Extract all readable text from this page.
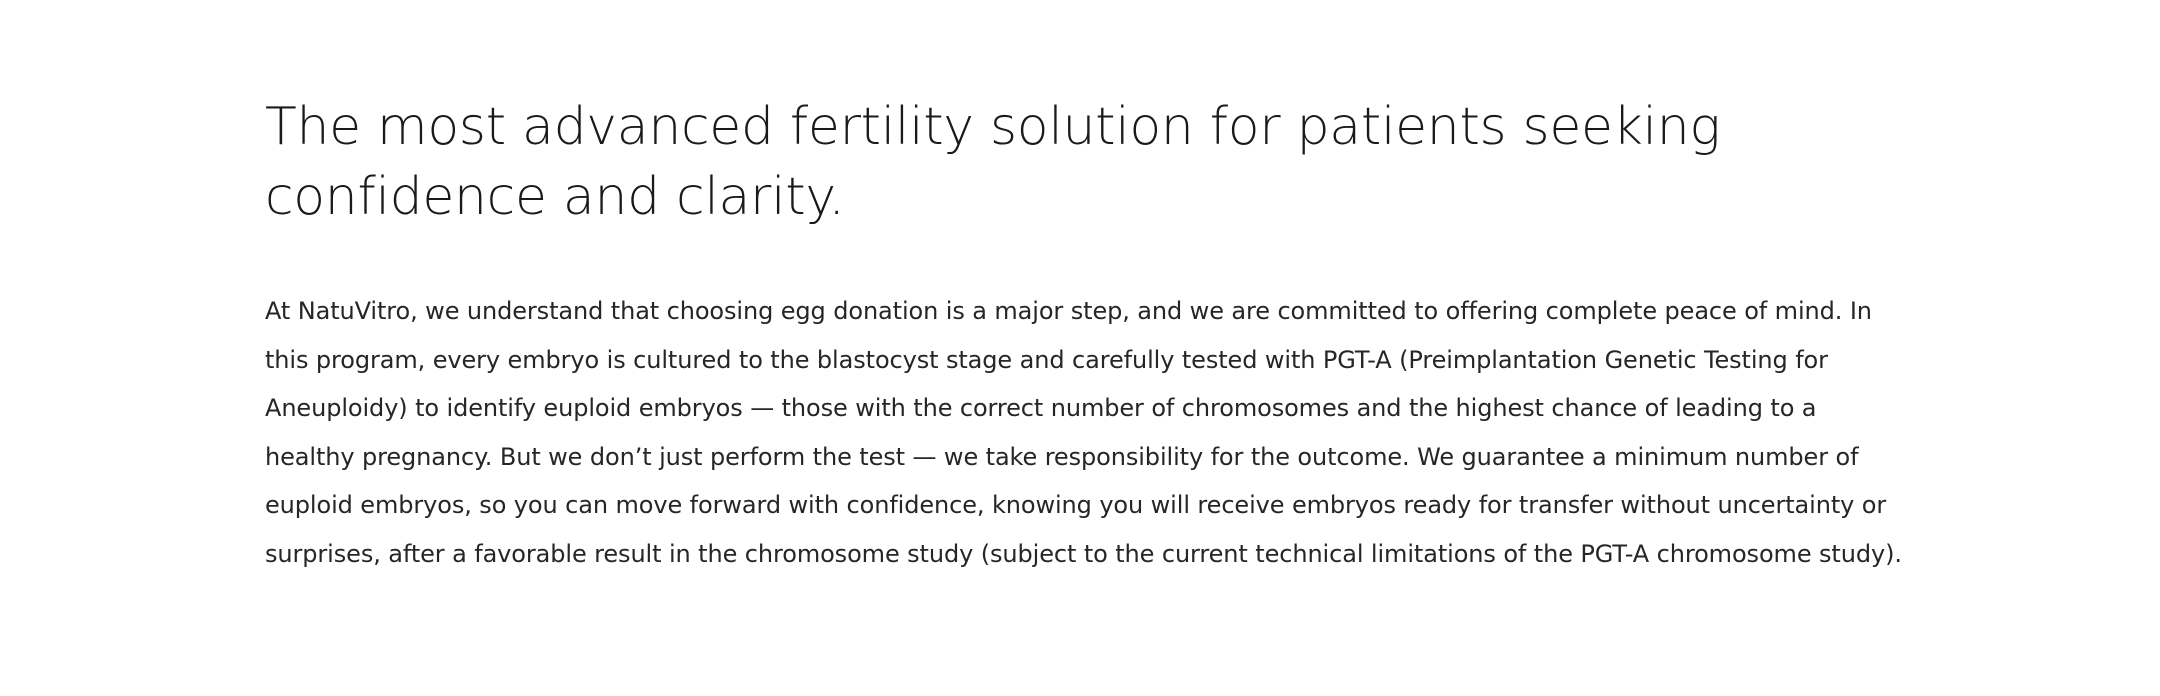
The most advanced fertility solution for patients seeking confidence and clarity.

At NatuVitro, we understand that choosing egg donation is a major step, and we are committed to offering complete peace of mind. In this program, every embryo is cultured to the blastocyst stage and carefully tested with PGT-A (Preimplantation Genetic Testing for Aneuploidy) to identify euploid embryos — those with the correct number of chromosomes and the highest chance of leading to a healthy pregnancy. But we don’t just perform the test — we take responsibility for the outcome. We guarantee a minimum number of euploid embryos, so you can move forward with confidence, knowing you will receive embryos ready for transfer without uncertainty or surprises, after a favorable result in the chromosome study (subject to the current technical limitations of the PGT-A chromosome study).
